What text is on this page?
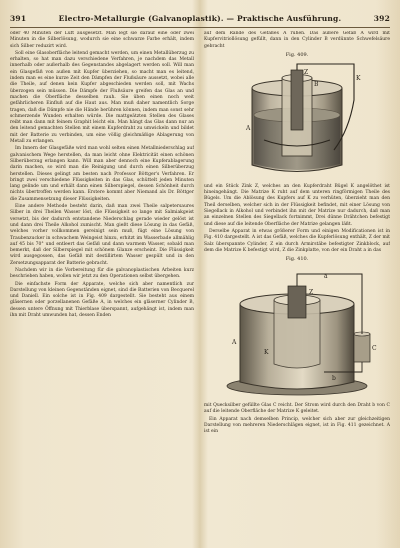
391	Electro-Metallurgie (Galvanoplastik). — Praktische Ausführung.	392

oder 40 Minuten der Luft ausgesetzt. Man legt sie darauf eine oder zwei Minuten in die Silberlösung, wodurch sie eine schwarze Farbe erhält, indem sich Silber reduzirt wird.

Soll eine Glasoberfläche leitend gemacht werden, um einen Metallüberzug zu erhalten, so hat man dazu verschiedene Verfahren, je nachdem das Metall innerhalb oder außerhalb des Gegenstandes abgelagert werden soll. Will man ein Glasgefäß von außen mit Kupfer überziehen, so macht man es leitend, indem man es eine kurze Zeit den Dämpfen der Flußsäure aussetzt, wobei alle die Theile, auf denen kein Kupfer abgeschieden werden soll, mit Wachs überzogen sein müssen. Die Dämpfe der Flußsäure greifen das Glas an und machen die Oberfläche desselben rauh. Sie üben einen noch weit gefährlicheren Einfluß auf die Haut aus. Man muß daher namentlich Sorge tragen, daß die Dämpfe nie die Hände berühren können, indem man sonst sehr schmerzende Wunden erhalten würde. Die mattgeätzten Stellen des Glases reibt man dann mit feinem Graphit leicht ein. Man hängt das Glas dann nur an den leitend gemachten Stellen mit einem Kupferdraht zu umwickeln und bildet mit der Batterie zu verbinden, um eine völlig gleichmäßige Ablagerung von Metall zu erlangen.

Im Innern der Glasgefäße wird man wohl selten einen Metallniederschlag auf galvanischem Wege herstellen, da man leicht ohne Elektricität einen schönen Silberüberzug erlangen kann. Will man aber dennoch eine Kupferablagerung darin machen, so wird man die Reinigung und durch einen Silberüberzug herstellen. Dieses gelingt am besten nach Professor Böttger's Verfahren. Er bringt zwei verschiedene Flüssigkeiten in das Glas, schüttelt jeden Minuten lang gelinde um und erhält dann einen Silberspiegel, dessen Schönheit durch nichts übertroffen werden kann. Erstere kommt aber Niemand als Dr. Böttger die Zusammensetzung dieser Flüssigkeiten.

Eine andere Methode besteht darin, daß man zwei Theile salpetersaures Silber in drei Theilen Wasser löst, die Flüssigkeit so lange mit Salmiakgeist versetzt, bis der dadurch entstandene Niederschlag gerade wieder gelöst ist und dann drei Theile Alkohol zumischt. Man gießt diese Lösung in das Gefäß, welches vorher vollkommen gereinigt sein muß, fügt eine Lösung von Traubenzucker in schwachem Weingeist hinzu, erhitzt im Wasserbade allmählig auf 45 bis 70° und entleert das Gefäß und dann warmem Wasser, sobald man bemerkt, daß der Silberspiegel mit schönem Glanze erscheint. Die Flüssigkeit wird ausgegossen, das Gefäß mit destillirtem Wasser gespült und in den Zersetzungsapparat der Batterie gebracht.

Nachdem wir in die Vorbereitung für die galvanoplastischen Arbeiten kurz beschrieben haben, wollen wir jetzt zu den Operationen selbst übergehen.

Die einfachste Form der Apparate, welche sich aber namentlich zur Darstellung von kleinen Gegenständen eignet, sind die Batterien von Becquerel und Daniell. Ein solche ist in Fig. 409 dargestellt. Sie besteht aus einem gläsernen oder porzellanenen Gefäße A, in welches ein gläserner Cylinder B, dessen untere Öffnung mit Thierblase überspannt, aufgehängt ist, indem man ihn mit Draht umwunden hat, dessen Enden

auf dem Rande des Gefäßes A ruhen. Das äußere Gefäß A wird mit Kupfervitriollösung gefüllt, dann in den Cylinder B verdünnte Schwefelsäure gebracht

Fig. 409.
A
B
Z
K

und ein Stück Zink Z, welches an den Kupferdraht Bügel K angelöthet ist hineingehängt. Die Matrize K ruht auf dem unteren ringförmigen Theile des Bügels. Um die Ablösung des Kupfers auf K zu verhüten, überzieht man den Theil derselben, welcher sich in der Flüssigkeit befindet, mit einer Lösung von Siegellack in Alkohol und verbindet ihn mit der Matrize nur dadurch, daß man an einzelnen Stellen des Siegellack fortnimmt, Drei dünne Drähtchen befestigt und diese auf die leitende Oberfläche der Matrize gelangen läßt.

Derselbe Apparat in etwas größerer Form und einigen Modificationen ist in Fig. 410 dargestellt. A ist das Gefäß, welches die Kupferlösung enthält, Z der mit Salz überspannte Cylinder, Z ein durch Armirstäbe befestigter Zinkblock, auf dem die Matrize K befestigt wird, Z die Zinkplatte, von der ein Draht a in das

Fig. 410.
A
Z
C
K
a
b

mit Quecksilber gefüllte Glas C reicht. Der Strom wird durch den Draht b von C auf die leitende Oberfläche der Matrize K geleitet.

Ein Apparat nach demselben Princip, welcher sich aber zur gleichzeitigen Darstellung von mehreren Niederschlägen eignet, ist in Fig. 411 gezeichnet. A ist ein
